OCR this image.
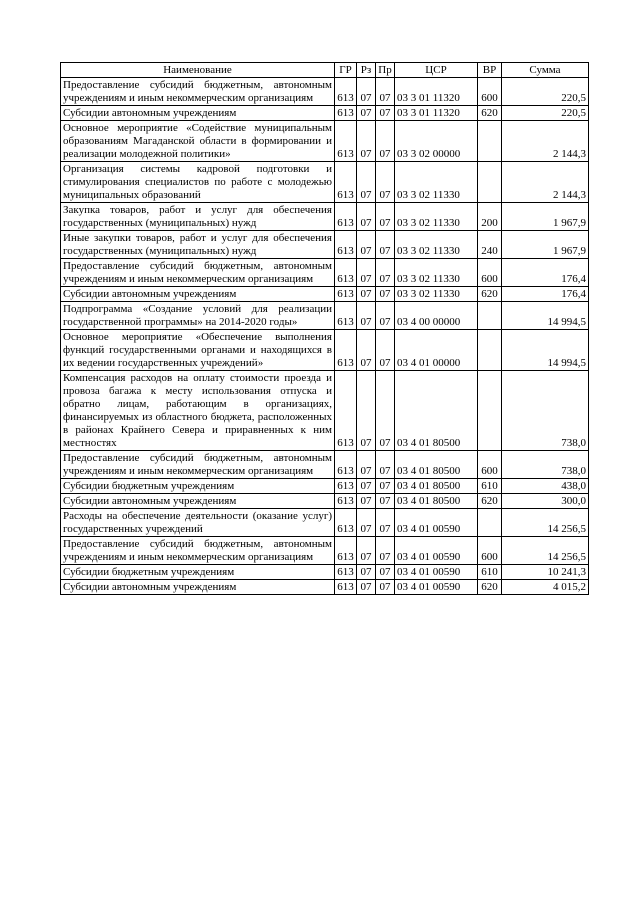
Наименование	ГР	Рз	Пр	ЦСР	ВР	Сумма
Предоставление субсидий бюджетным, автономным учреждениям и иным некоммерческим организациям	613	07	07	03 3 01 11320	600	220,5
Субсидии автономным учреждениям	613	07	07	03 3 01 11320	620	220,5
Основное мероприятие «Содействие муниципальным образованиям Магаданской области в формировании и реализации молодежной политики»	613	07	07	03 3 02 00000		2 144,3
Организация системы кадровой подготовки и стимулирования специалистов по работе с молодежью муниципальных образований	613	07	07	03 3 02 11330		2 144,3
Закупка товаров, работ и услуг для обеспечения государственных (муниципальных) нужд	613	07	07	03 3 02 11330	200	1 967,9
Иные закупки товаров, работ и услуг для обеспечения государственных (муниципальных) нужд	613	07	07	03 3 02 11330	240	1 967,9
Предоставление субсидий бюджетным, автономным учреждениям и иным некоммерческим организациям	613	07	07	03 3 02 11330	600	176,4
Субсидии автономным учреждениям	613	07	07	03 3 02 11330	620	176,4
Подпрограмма «Создание условий для реализации государственной программы» на 2014-2020 годы»	613	07	07	03 4 00 00000		14 994,5
Основное мероприятие «Обеспечение выполнения функций государственными органами и находящихся в их ведении государственных учреждений»	613	07	07	03 4 01 00000		14 994,5
Компенсация расходов на оплату стоимости проезда и провоза багажа к месту использования отпуска и обратно лицам, работающим в организациях, финансируемых из областного бюджета, расположенных в районах Крайнего Севера и приравненных к ним местностях	613	07	07	03 4 01 80500		738,0
Предоставление субсидий бюджетным, автономным учреждениям и иным некоммерческим организациям	613	07	07	03 4 01 80500	600	738,0
Субсидии бюджетным учреждениям	613	07	07	03 4 01 80500	610	438,0
Субсидии автономным учреждениям	613	07	07	03 4 01 80500	620	300,0
Расходы на обеспечение деятельности (оказание услуг) государственных учреждений	613	07	07	03 4 01 00590		14 256,5
Предоставление субсидий бюджетным, автономным учреждениям и иным некоммерческим организациям	613	07	07	03 4 01 00590	600	14 256,5
Субсидии бюджетным учреждениям	613	07	07	03 4 01 00590	610	10 241,3
Субсидии автономным учреждениям	613	07	07	03 4 01 00590	620	4 015,2
